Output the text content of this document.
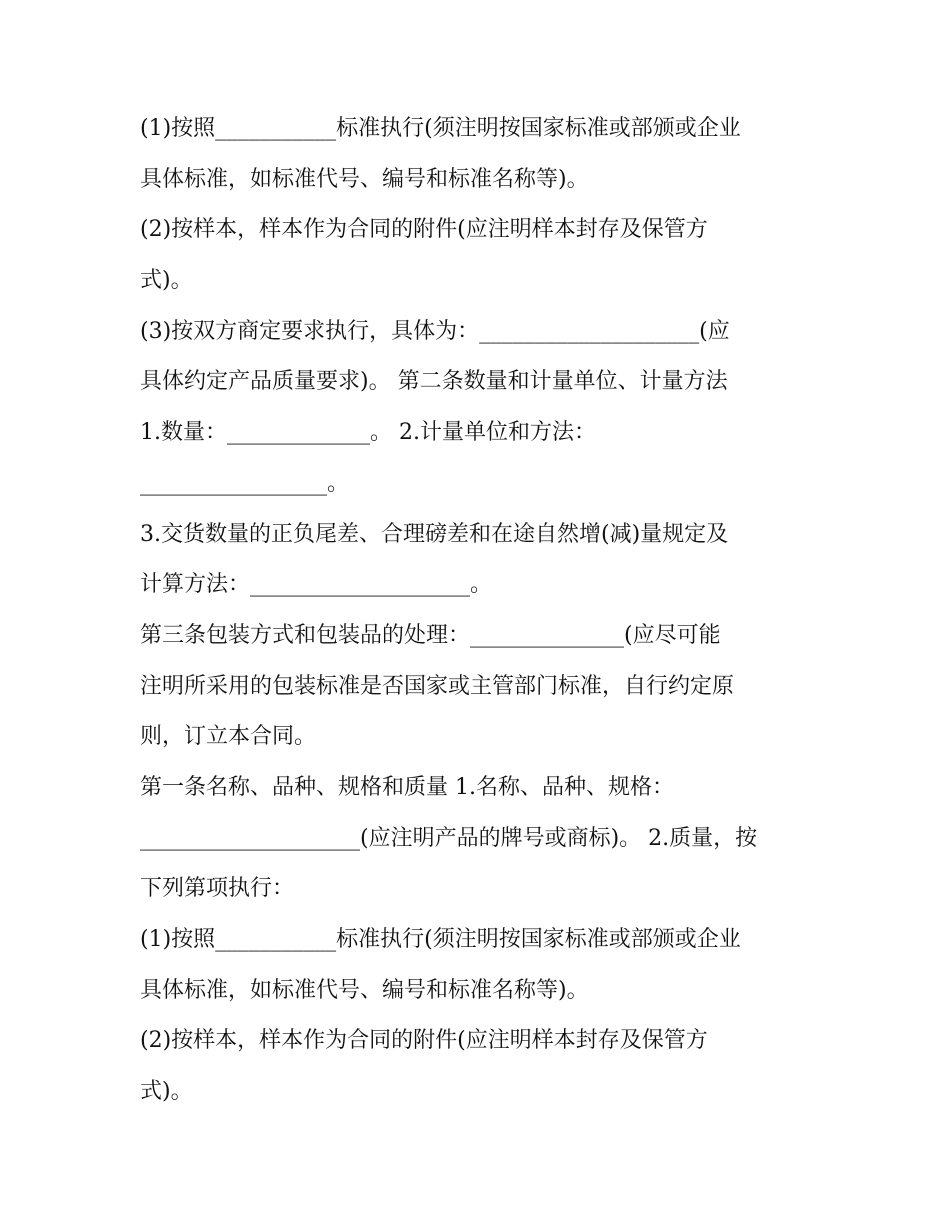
(1)按照___________标准执行(须注明按国家标准或部颁或企业
具体标准，如标准代号、编号和标准名称等)。
(2)按样本，样本作为合同的附件(应注明样本封存及保管方
式)。
(3)按双方商定要求执行，具体为：____________________(应
具体约定产品质量要求)。 第二条数量和计量单位、计量方法
1.数量：_____________。 2.计量单位和方法：
_________________。
3.交货数量的正负尾差、合理磅差和在途自然增(减)量规定及
计算方法：____________________。
第三条包装方式和包装品的处理：______________(应尽可能
注明所采用的包装标准是否国家或主管部门标准，自行约定原
则，订立本合同。
第一条名称、品种、规格和质量 1.名称、品种、规格：
____________________(应注明产品的牌号或商标)。 2.质量，按
下列第项执行：
(1)按照___________标准执行(须注明按国家标准或部颁或企业
具体标准，如标准代号、编号和标准名称等)。
(2)按样本，样本作为合同的附件(应注明样本封存及保管方
式)。
